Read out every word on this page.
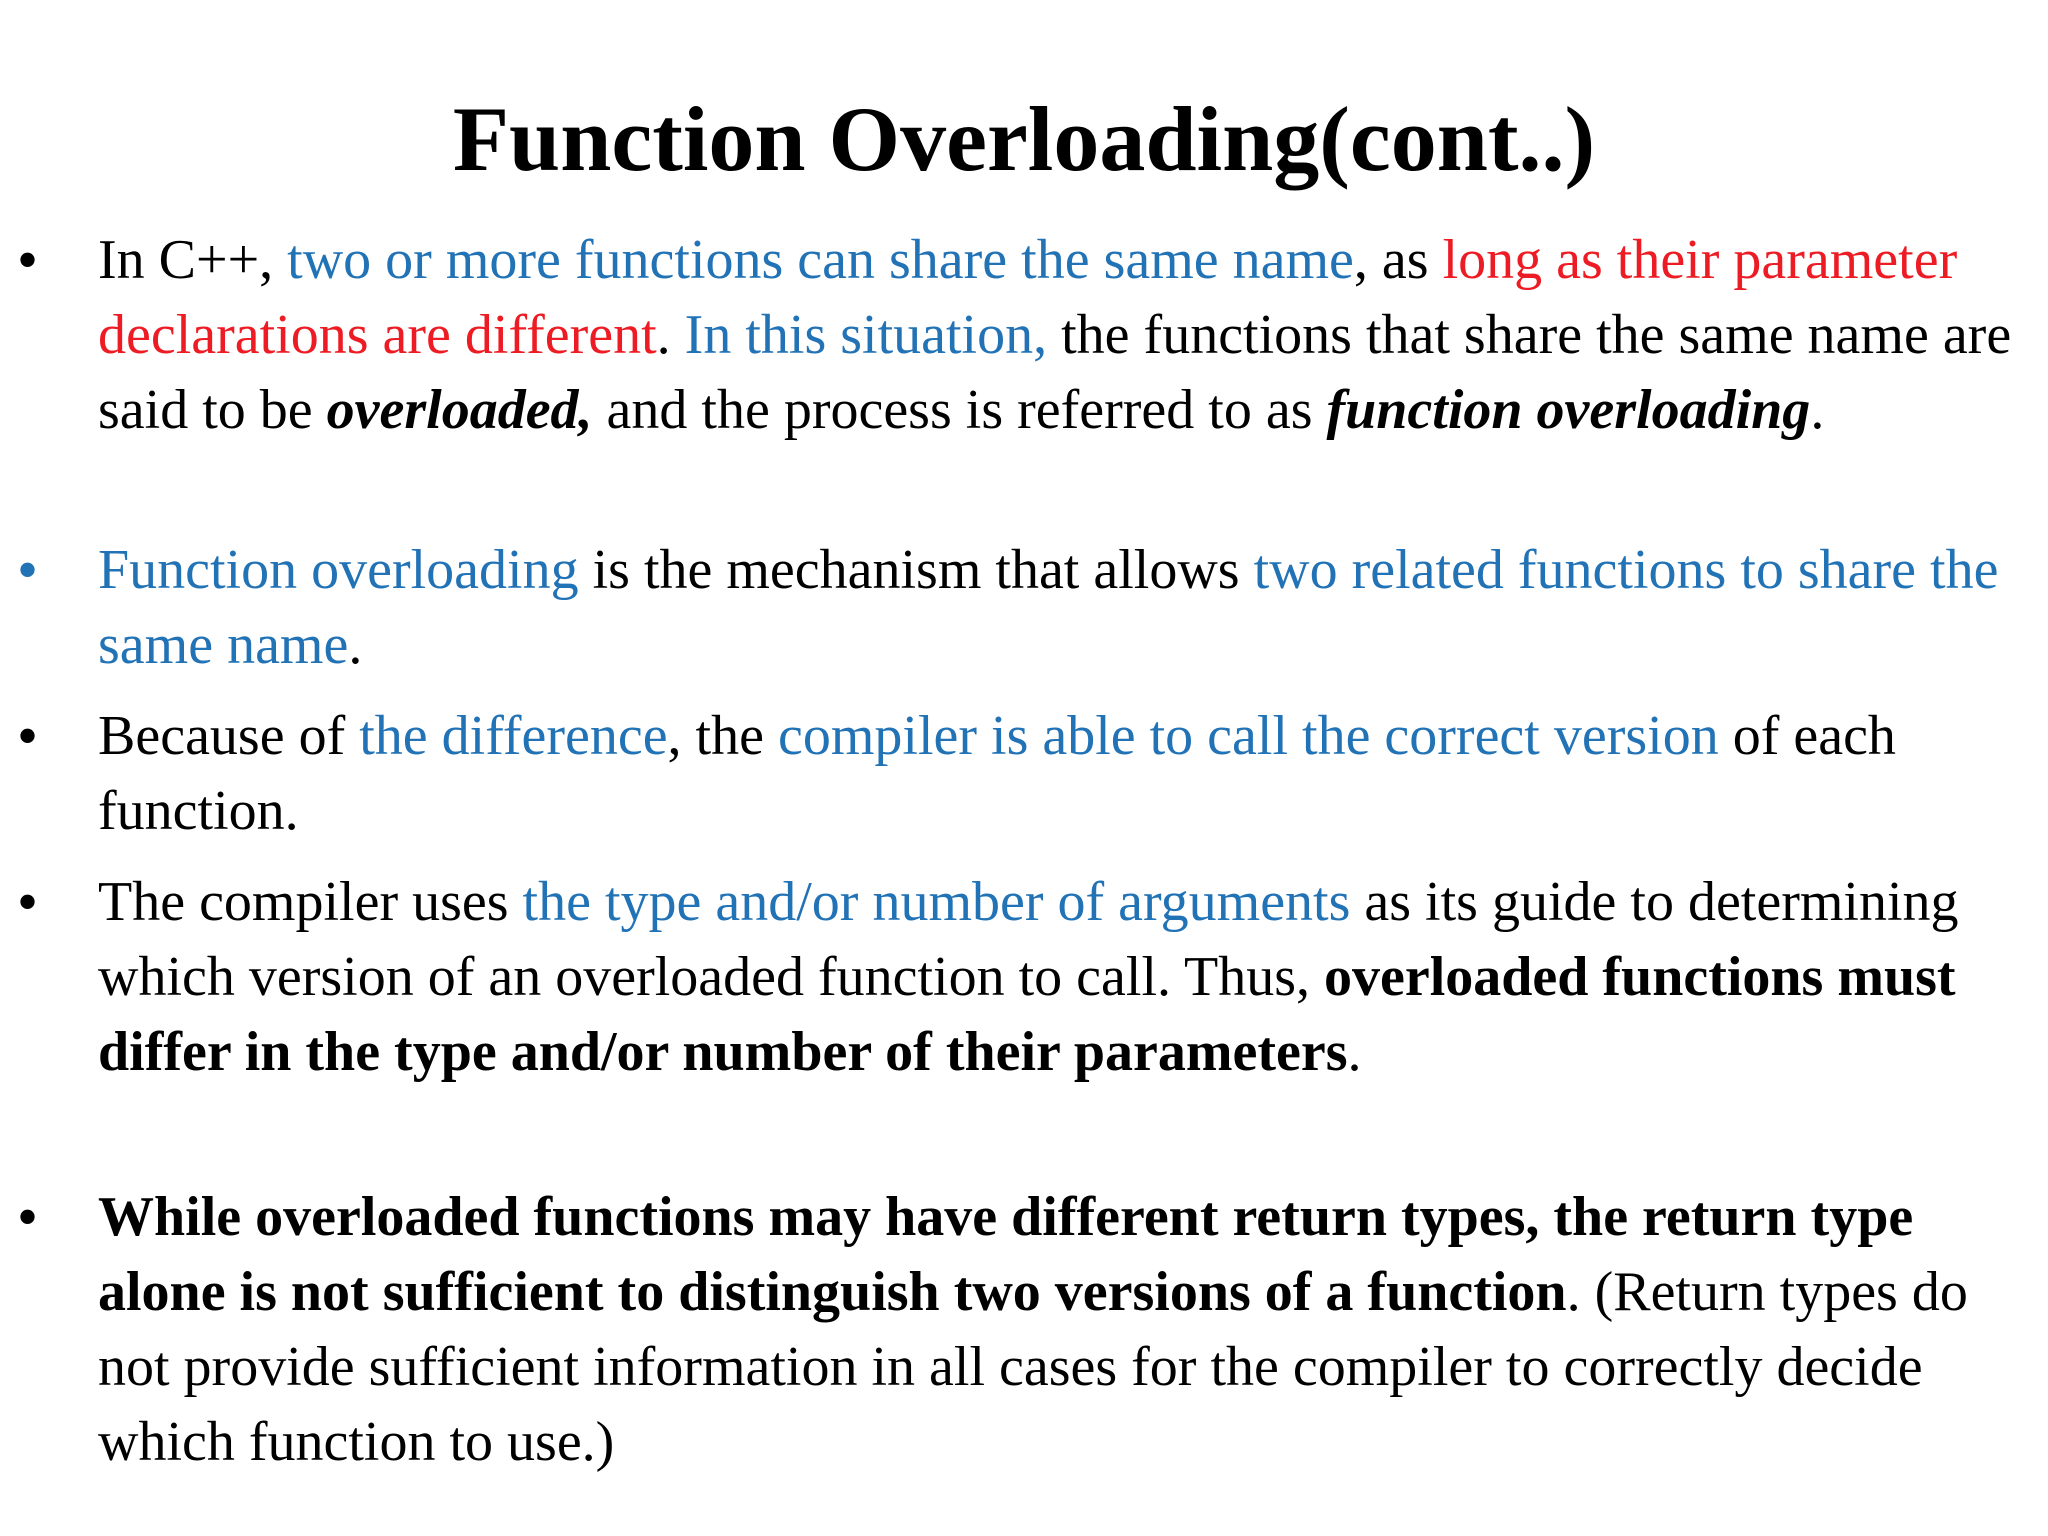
Function Overloading(cont..)
• In C++, two or more functions can share the same name, as long as their parameter declarations are different. In this situation, the functions that share the same name are said to be overloaded, and the process is referred to as function overloading.
• Function overloading is the mechanism that allows two related functions to share the same name.
• Because of the difference, the compiler is able to call the correct version of each function.
• The compiler uses the type and/or number of arguments as its guide to determining which version of an overloaded function to call. Thus, overloaded functions must differ in the type and/or number of their parameters.
• While overloaded functions may have different return types, the return type alone is not sufficient to distinguish two versions of a function. (Return types do not provide sufficient information in all cases for the compiler to correctly decide which function to use.)
